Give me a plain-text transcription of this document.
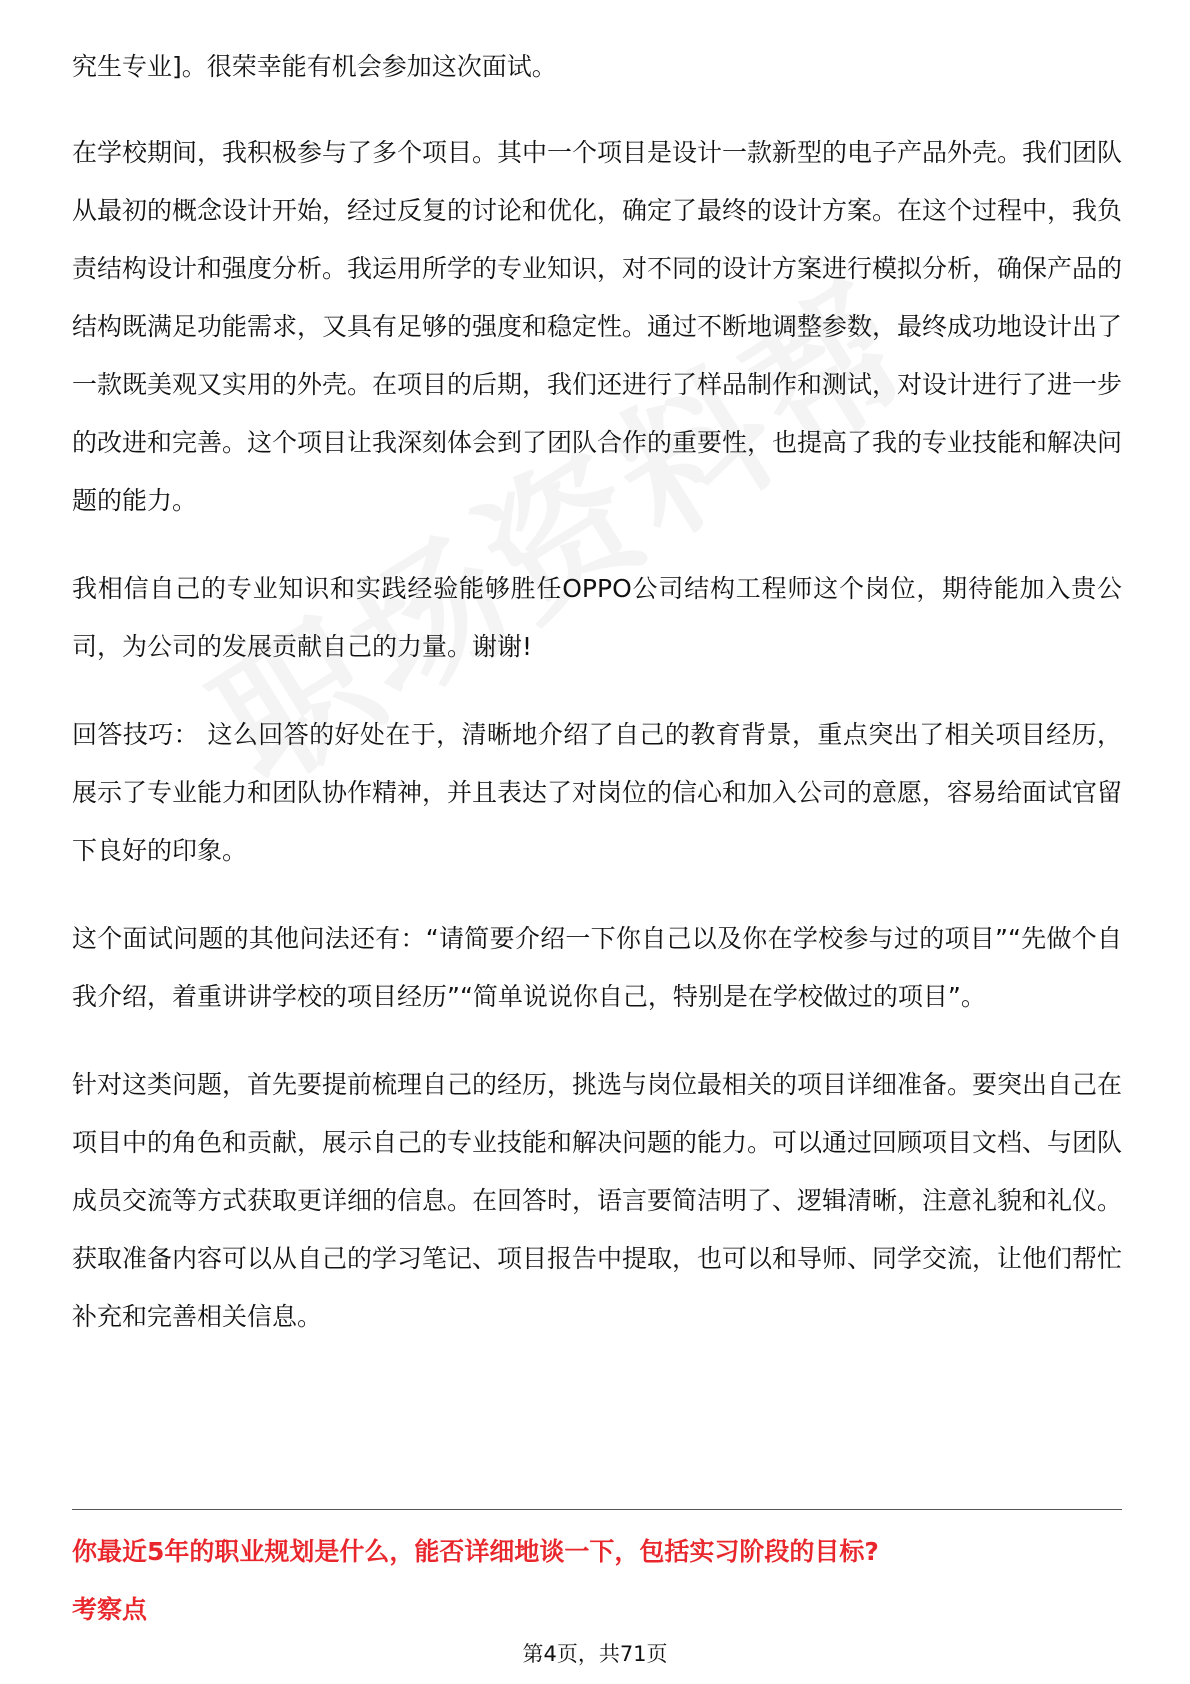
究生专业]。很荣幸能有机会参加这次面试。

在学校期间，我积极参与了多个项目。其中一个项目是设计一款新型的电子产品外壳。我们团队从最初的概念设计开始，经过反复的讨论和优化，确定了最终的设计方案。在这个过程中，我负责结构设计和强度分析。我运用所学的专业知识，对不同的设计方案进行模拟分析，确保产品的结构既满足功能需求，又具有足够的强度和稳定性。通过不断地调整参数，最终成功地设计出了一款既美观又实用的外壳。在项目的后期，我们还进行了样品制作和测试，对设计进行了进一步的改进和完善。这个项目让我深刻体会到了团队合作的重要性，也提高了我的专业技能和解决问题的能力。

我相信自己的专业知识和实践经验能够胜任OPPO公司结构工程师这个岗位，期待能加入贵公司，为公司的发展贡献自己的力量。谢谢!

回答技巧： 这么回答的好处在于，清晰地介绍了自己的教育背景，重点突出了相关项目经历，展示了专业能力和团队协作精神，并且表达了对岗位的信心和加入公司的意愿，容易给面试官留下良好的印象。

这个面试问题的其他问法还有：“请简要介绍一下你自己以及你在学校参与过的项目”“先做个自我介绍，着重讲讲学校的项目经历”“简单说说你自己，特别是在学校做过的项目”。

针对这类问题，首先要提前梳理自己的经历，挑选与岗位最相关的项目详细准备。要突出自己在项目中的角色和贡献，展示自己的专业技能和解决问题的能力。可以通过回顾项目文档、与团队成员交流等方式获取更详细的信息。在回答时，语言要简洁明了、逻辑清晰，注意礼貌和礼仪。获取准备内容可以从自己的学习笔记、项目报告中提取，也可以和导师、同学交流，让他们帮忙补充和完善相关信息。

你最近5年的职业规划是什么，能否详细地谈一下，包括实习阶段的目标?
考察点
第4页，共71页
